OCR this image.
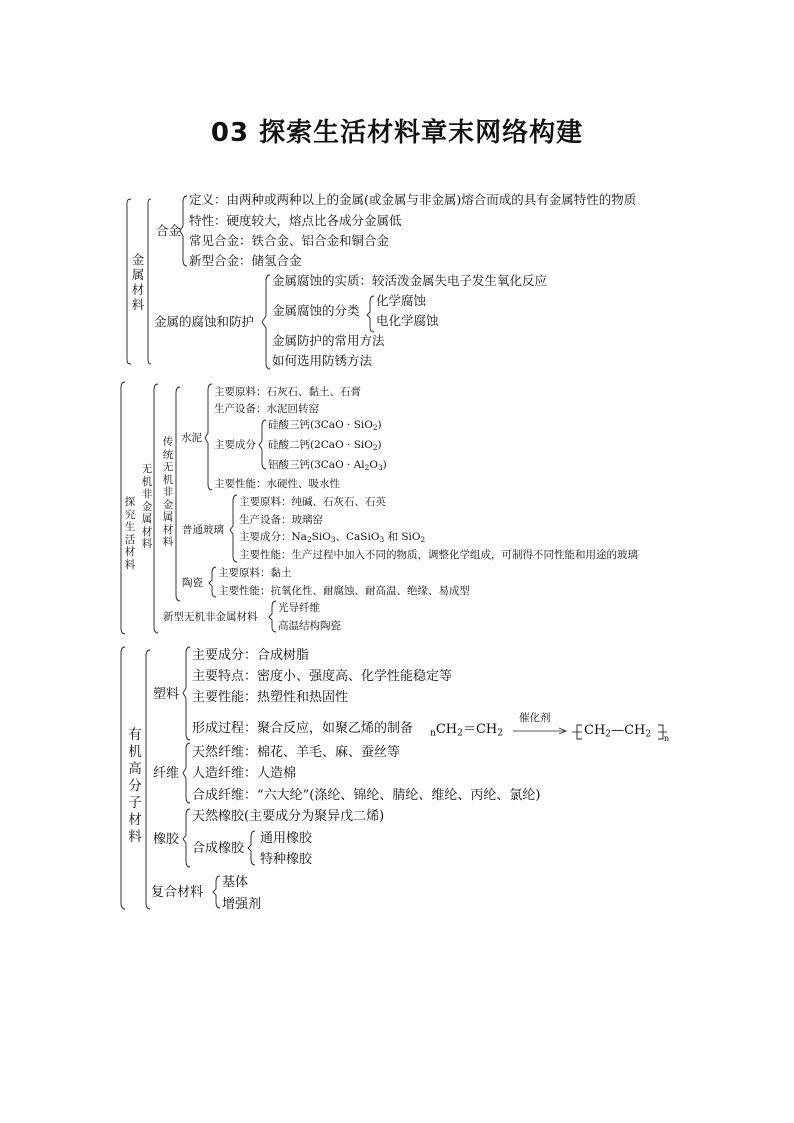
03 探索生活材料章末网络构建
金属材料
合金
定义：由两种或两种以上的金属(或金属与非金属)熔合而成的具有金属特性的物质
特性：硬度较大，熔点比各成分金属低
常见合金：铁合金、铝合金和铜合金
新型合金：储氢合金
金属的腐蚀和防护
金属腐蚀的实质：较活泼金属失电子发生氧化反应
金属腐蚀的分类
化学腐蚀
电化学腐蚀
金属防护的常用方法
如何选用防锈方法
探究生活材料
无机非金属材料
传统无机非金属材料
水泥
主要原料：石灰石、黏土、石膏
生产设备：水泥回转窑
主要成分
硅酸三钙(3CaO · SiO$_2$)
硅酸二钙(2CaO · SiO$_2$)
铝酸三钙$(3CaO \cdot Al_2O_3)$
主要性能：水硬性、吸水性
普通玻璃
主要原料：纯碱、石灰石、石英
生产设备：玻璃窑
主要成分：$Na_2SiO_3$、CaSiO$_3$ 和 SiO$_2$
主要性能：生产过程中加入不同的物质，调整化学组成，可制得不同性能和用途的玻璃
陶瓷
主要原料：黏土
主要性能：抗氧化性、耐腐蚀、耐高温、绝缘、易成型
新型无机非金属材料
光导纤维
高温结构陶瓷
有机高分子材料
塑料
主要成分：合成树脂
主要特点：密度小、强度高、化学性能稳定等
主要性能：热塑性和热固性
形成过程：聚合反应，如聚乙烯的制备 $_nCH_2=CH_2$
催化剂
$CH_2—CH_2$ n
纤维
天然纤维：棉花、羊毛、麻、蚕丝等
人造纤维：人造棉
合成纤维：“六大纶”(涤纶、锦纶、腈纶、维纶、丙纶、氯纶)
橡胶
天然橡胶(主要成分为聚异戊二烯)
合成橡胶
通用橡胶
特种橡胶
复合材料
基体
增强剂
